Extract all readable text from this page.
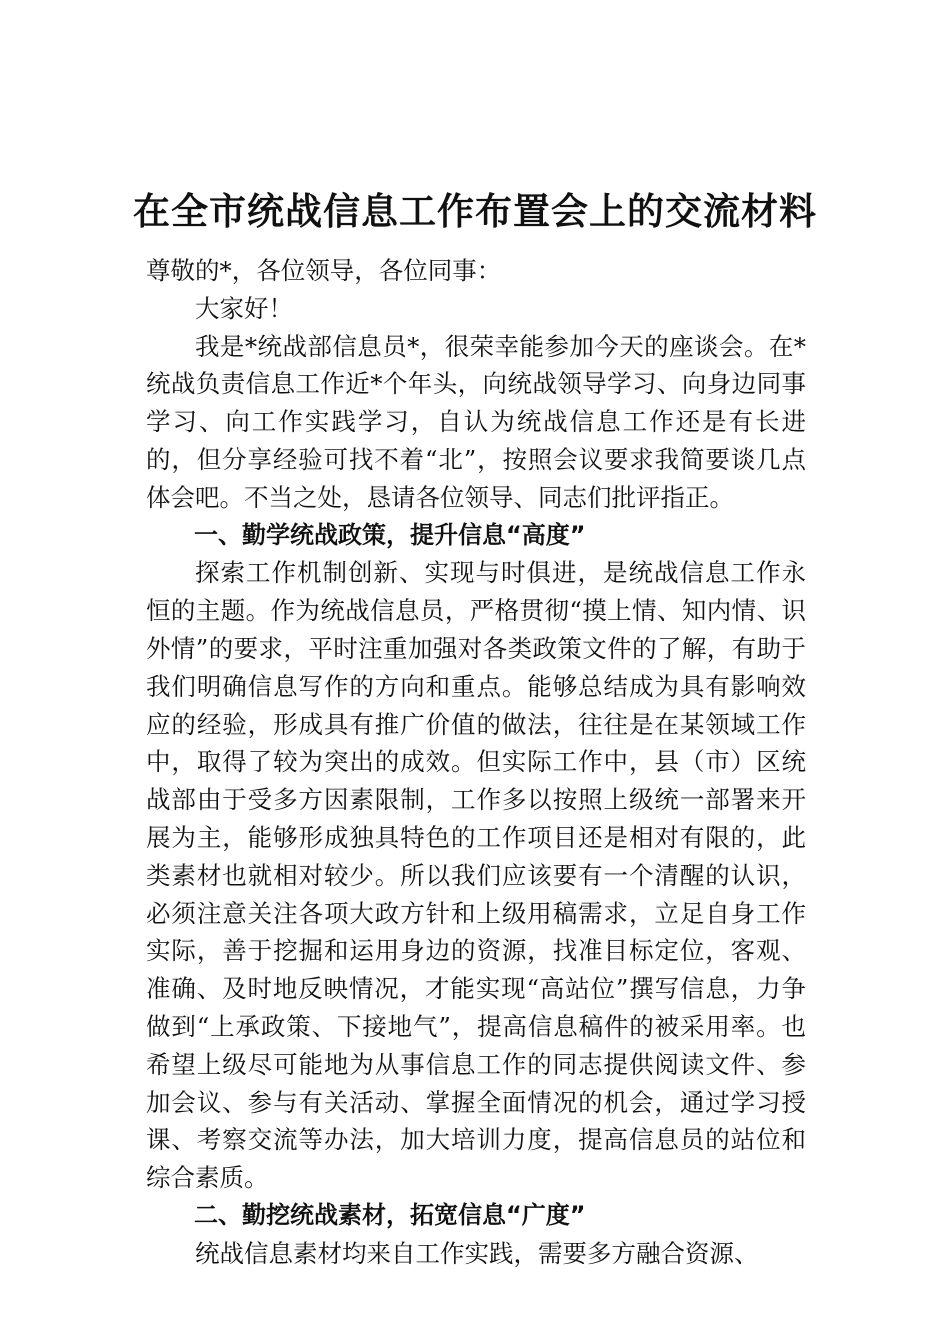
在全市统战信息工作布置会上的交流材料

尊敬的*，各位领导，各位同事：

大家好！

我是*统战部信息员*，很荣幸能参加今天的座谈会。在*统战负责信息工作近*个年头，向统战领导学习、向身边同事学习、向工作实践学习，自认为统战信息工作还是有长进的，但分享经验可找不着“北”，按照会议要求我简要谈几点体会吧。不当之处，恳请各位领导、同志们批评指正。

一、勤学统战政策，提升信息“高度”

探索工作机制创新、实现与时俱进，是统战信息工作永恒的主题。作为统战信息员，严格贯彻“摸上情、知内情、识外情”的要求，平时注重加强对各类政策文件的了解，有助于我们明确信息写作的方向和重点。能够总结成为具有影响效应的经验，形成具有推广价值的做法，往往是在某领域工作中，取得了较为突出的成效。但实际工作中，县（市）区统战部由于受多方因素限制，工作多以按照上级统一部署来开展为主，能够形成独具特色的工作项目还是相对有限的，此类素材也就相对较少。所以我们应该要有一个清醒的认识，必须注意关注各项大政方针和上级用稿需求，立足自身工作实际，善于挖掘和运用身边的资源，找准目标定位，客观、准确、及时地反映情况，才能实现“高站位”撰写信息，力争做到“上承政策、下接地气”，提高信息稿件的被采用率。也希望上级尽可能地为从事信息工作的同志提供阅读文件、参加会议、参与有关活动、掌握全面情况的机会，通过学习授课、考察交流等办法，加大培训力度，提高信息员的站位和综合素质。

二、勤挖统战素材，拓宽信息“广度”

统战信息素材均来自工作实践，需要多方融合资源、
